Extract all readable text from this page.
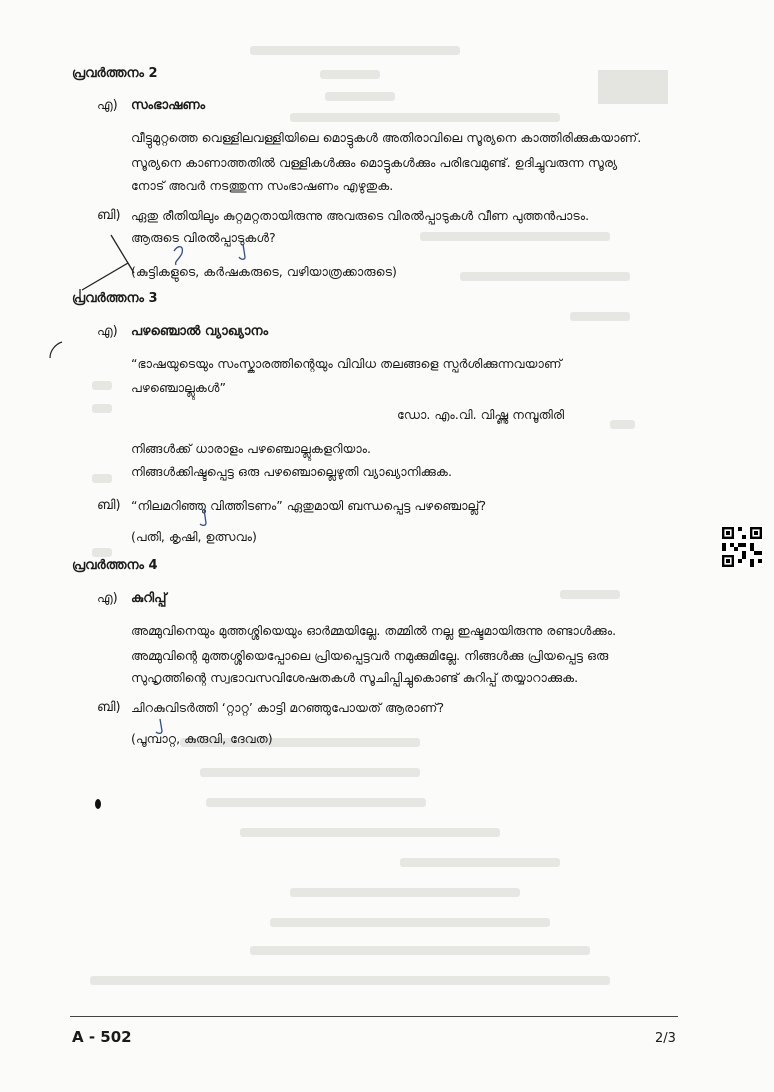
പ്രവർത്തനം 2
എ) സംഭാഷണം
വീട്ടുമുറ്റത്തെ വെള്ളിലവള്ളിയിലെ മൊട്ടുകൾ അതിരാവിലെ സൂര്യനെ കാത്തിരിക്കുകയാണ്.
സൂര്യനെ കാണാത്തതിൽ വള്ളികൾക്കും മൊട്ടുകൾക്കും പരിഭവമുണ്ട്. ഉദിച്ചുവരുന്ന സൂര്യ
നോട് അവർ നടത്തുന്ന സംഭാഷണം എഴുതുക.
ബി) ഏതു രീതിയിലും കുറ്റമറ്റതായിരുന്നു അവരുടെ വിരൽപ്പാടുകൾ വീണ പുത്തൻപാടം.
ആരുടെ വിരൽപ്പാടുകൾ?
(കുട്ടികളുടെ, കർഷകരുടെ, വഴിയാത്രക്കാരുടെ)
പ്രവർത്തനം 3
എ) പഴഞ്ചൊൽ വ്യാഖ്യാനം
“ഭാഷയുടെയും സംസ്കാരത്തിന്റെയും വിവിധ തലങ്ങളെ സ്പർശിക്കുന്നവയാണ്
പഴഞ്ചൊല്ലുകൾ”
ഡോ. എം.വി. വിഷ്ണു നമ്പൂതിരി
നിങ്ങൾക്ക് ധാരാളം പഴഞ്ചൊല്ലുകളറിയാം.
നിങ്ങൾക്കിഷ്ടപ്പെട്ട ഒരു പഴഞ്ചൊല്ലെഴുതി വ്യാഖ്യാനിക്കുക.
ബി) “നിലമറിഞ്ഞു വിത്തിടണം” ഏതുമായി ബന്ധപ്പെട്ട പഴഞ്ചൊല്ല്?
(പതി, കൃഷി, ഉത്സവം)
പ്രവർത്തനം 4
എ) കുറിപ്പ്
അമ്മുവിനെയും മുത്തശ്ശിയെയും ഓർമ്മയില്ലേ. തമ്മിൽ നല്ല ഇഷ്ടമായിരുന്നു രണ്ടാൾക്കും.
അമ്മുവിന്റെ മുത്തശ്ശിയെപ്പോലെ പ്രിയപ്പെട്ടവർ നമുക്കുമില്ലേ. നിങ്ങൾക്കു പ്രിയപ്പെട്ട ഒരു
സുഹൃത്തിന്റെ സ്വഭാവസവിശേഷതകൾ സൂചിപ്പിച്ചുകൊണ്ട് കുറിപ്പ് തയ്യാറാക്കുക.
ബി) ചിറകുവിടർത്തി ‘റ്റാറ്റ’ കാട്ടി മറഞ്ഞുപോയത് ആരാണ്?
(പൂമ്പാറ്റ, കുരുവി, ദേവത)
A - 502	2/3
